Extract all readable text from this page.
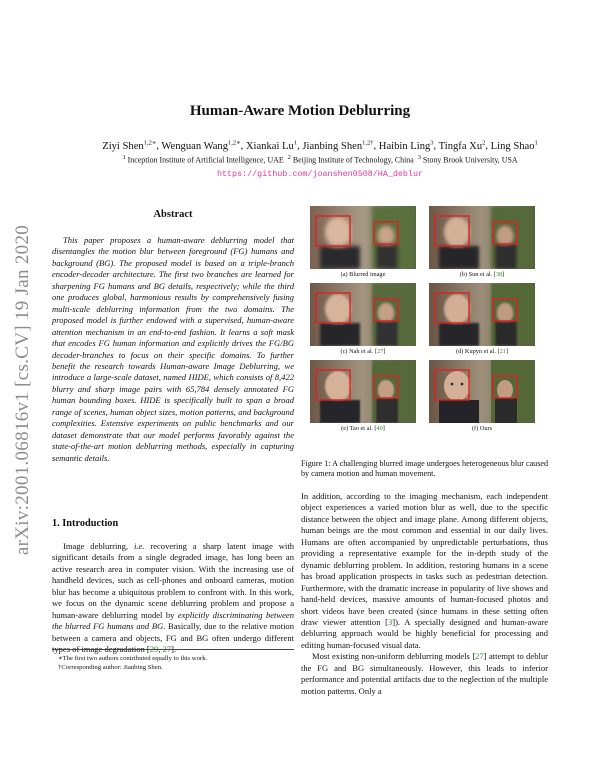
arXiv:2001.06816v1 [cs.CV] 19 Jan 2020
Human-Aware Motion Deblurring
Ziyi Shen$^{1,2∗}$, Wenguan Wang$^{1,2∗}$, Xiankai Lu$^1$, Jianbing Shen$^{1,2\dagger}$, Haibin Ling$^3$, Tingfa Xu$^2$, Ling Shao$^1$
$^1$ Inception Institute of Artificial Intelligence, UAE $^2$ Beijing Institute of Technology, China $^3$ Stony Brook University, USA
https://github.com/joanshen0508/HA_deblur
Abstract

This paper proposes a human-aware deblurring model that disentangles the motion blur between foreground (FG) humans and background (BG). The proposed model is based on a triple-branch encoder-decoder architecture. The first two branches are learned for sharpening FG humans and BG details, respectively; while the third one produces global, harmonious results by comprehensively fusing multi-scale deblurring information from the two domains. The proposed model is further endowed with a supervised, human-aware attention mechanism in an end-to-end fashion. It learns a soft mask that encodes FG human information and explicitly drives the FG/BG decoder-branches to focus on their specific domains. To further benefit the research towards Human-aware Image Deblurring, we introduce a large-scale dataset, named HIDE, which consists of 8,422 blurry and sharp image pairs with 65,784 densely annotated FG human bounding boxes. HIDE is specifically built to span a broad range of scenes, human object sizes, motion patterns, and background complexities. Extensive experiments on public benchmarks and our dataset demonstrate that our model performs favorably against the state-of-the-art motion deblurring methods, especially in capturing semantic details.

1. Introduction

Image deblurring, i.e. recovering a sharp latent image with significant details from a single degraded image, has long been an active research area in computer vision. With the increasing use of handheld devices, such as cell-phones and onboard cameras, motion blur has become a ubiquitous problem to confront with. In this work, we focus on the dynamic scene deblurring problem and propose a human-aware deblurring model by explicitly discriminating between the blurred FG humans and BG. Basically, due to the relative motion between a camera and objects, FG and BG often undergo different types of image degradation [29, 27].

∗The first two authors contributed equally to this work.
†Corresponding author: Jianbing Shen.
(a) Blurred image	(b) Sun et al. [38]
(c) Nah et al. [27]	(d) Kupyn et al. [21]
(e) Tao et al. [40]	(f) Ours
Figure 1: A challenging blurred image undergoes heterogeneous blur caused by camera motion and human movement.

In addition, according to the imaging mechanism, each independent object experiences a varied motion blur as well, due to the specific distance between the object and image plane. Among different objects, human beings are the most common and essential in our daily lives. Humans are often accompanied by unpredictable perturbations, thus providing a representative example for the in-depth study of the dynamic deblurring problem. In addition, restoring humans in a scene has broad application prospects in tasks such as pedestrian detection. Furthermore, with the dramatic increase in popularity of live shows and hand-held devices, massive amounts of human-focused photos and short videos have been created (since humans in these setting often draw viewer attention [3]). A specially designed and human-aware deblurring approach would be highly beneficial for processing and editing human-focused visual data.

Most existing non-uniform deblurring models [27] attempt to deblur the FG and BG simultaneously. However, this leads to inferior performance and potential artifacts due to the neglection of the multiple motion patterns. Only a
